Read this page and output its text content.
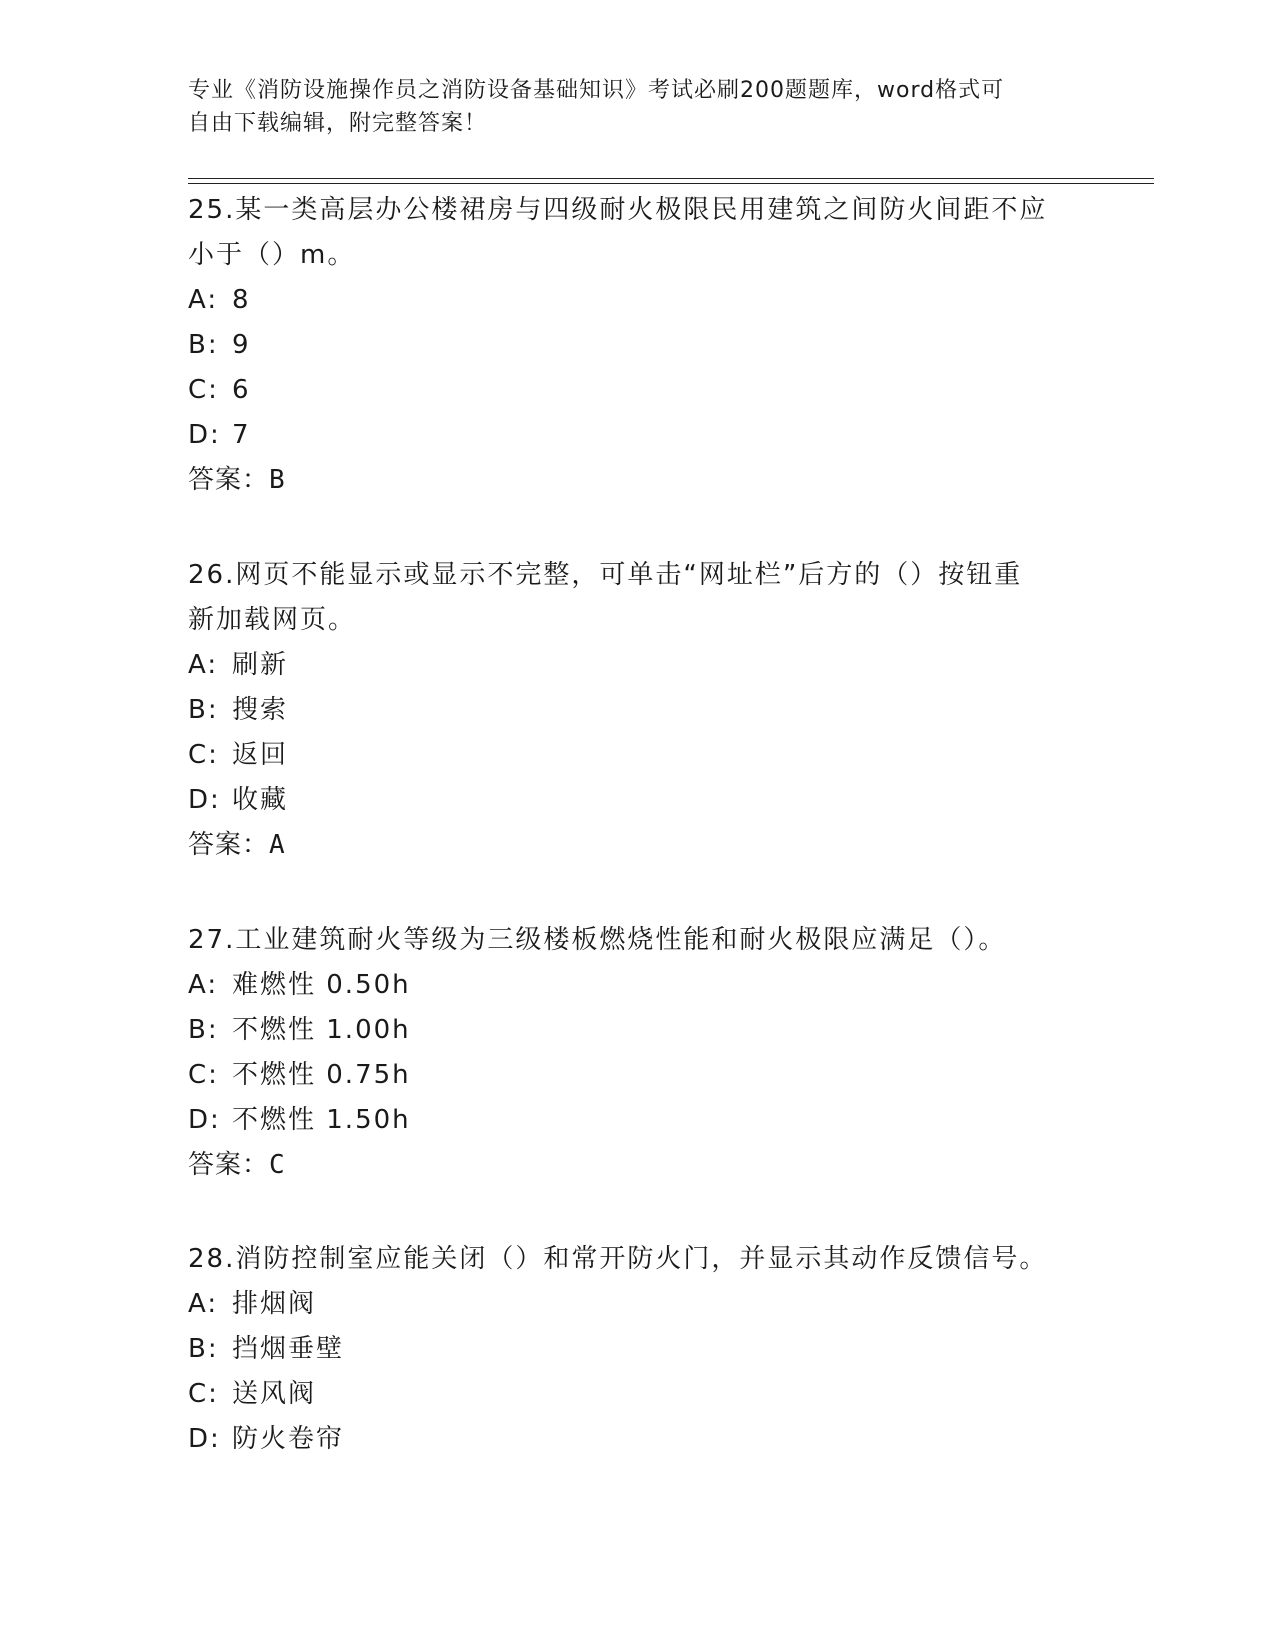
专业《消防设施操作员之消防设备基础知识》考试必刷200题题库，word格式可
自由下载编辑，附完整答案！
25.某一类高层办公楼裙房与四级耐火极限民用建筑之间防火间距不应
小于（）m。
A: 8
B: 9
C: 6
D: 7
答案：B
26.网页不能显示或显示不完整，可单击“网址栏”后方的（）按钮重
新加载网页。
A: 刷新
B: 搜索
C: 返回
D: 收藏
答案：A
27.工业建筑耐火等级为三级楼板燃烧性能和耐火极限应满足（）。
A: 难燃性 0.50h
B: 不燃性 1.00h
C: 不燃性 0.75h
D: 不燃性 1.50h
答案：C
28.消防控制室应能关闭（）和常开防火门，并显示其动作反馈信号。
A: 排烟阀
B: 挡烟垂壁
C: 送风阀
D: 防火卷帘
